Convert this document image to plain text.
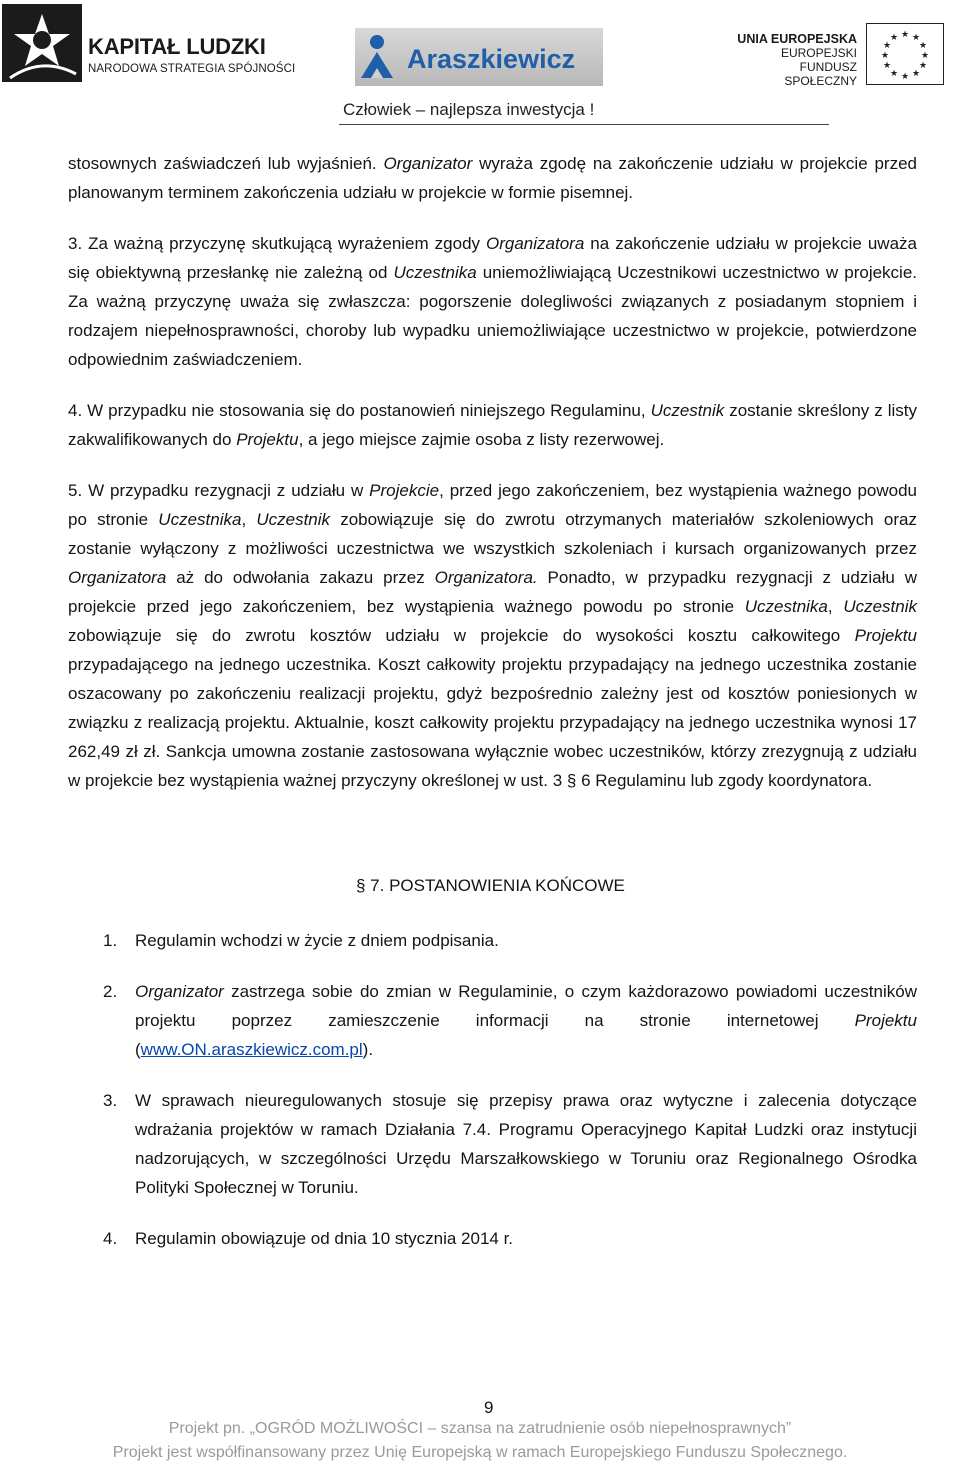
KAPITAŁ LUDZKI
NARODOWA STRATEGIA SPÓJNOŚCI	Araszkiewicz
UNIA EUROPEJSKA
EUROPEJSKI
FUNDUSZ SPOŁECZNY
★ ★
★
★
★
★
★
★
★
★
★
★
Człowiek – najlepsza inwestycja !

stosownych zaświadczeń lub wyjaśnień. Organizator wyraża zgodę na zakończenie udziału w projekcie przed planowanym terminem zakończenia udziału w projekcie w formie pisemnej.

3. Za ważną przyczynę skutkującą wyrażeniem zgody Organizatora na zakończenie udziału w projekcie uważa się obiektywną przesłankę nie zależną od Uczestnika uniemożliwiającą Uczestnikowi uczestnictwo w projekcie. Za ważną przyczynę uważa się zwłaszcza: pogorszenie dolegliwości związanych z posiadanym stopniem i rodzajem niepełnosprawności, choroby lub wypadku uniemożliwiające uczestnictwo w projekcie, potwierdzone odpowiednim zaświadczeniem.

4. W przypadku nie stosowania się do postanowień niniejszego Regulaminu, Uczestnik zostanie skreślony z listy zakwalifikowanych do Projektu, a jego miejsce zajmie osoba z listy rezerwowej.

5. W przypadku rezygnacji z udziału w Projekcie, przed jego zakończeniem, bez wystąpienia ważnego powodu po stronie Uczestnika, Uczestnik zobowiązuje się do zwrotu otrzymanych materiałów szkoleniowych oraz zostanie wyłączony z możliwości uczestnictwa we wszystkich szkoleniach i kursach organizowanych przez Organizatora aż do odwołania zakazu przez Organizatora. Ponadto, w przypadku rezygnacji z udziału w projekcie przed jego zakończeniem, bez wystąpienia ważnego powodu po stronie Uczestnika, Uczestnik zobowiązuje się do zwrotu kosztów udziału w projekcie do wysokości kosztu całkowitego Projektu przypadającego na jednego uczestnika. Koszt całkowity projektu przypadający na jednego uczestnika zostanie oszacowany po zakończeniu realizacji projektu, gdyż bezpośrednio zależny jest od kosztów poniesionych w związku z realizacją projektu. Aktualnie, koszt całkowity projektu przypadający na jednego uczestnika wynosi 17 262,49 zł zł. Sankcja umowna zostanie zastosowana wyłącznie wobec uczestników, którzy zrezygnują z udziału w projekcie bez wystąpienia ważnej przyczyny określonej w ust. 3 § 6 Regulaminu lub zgody koordynatora.

§ 7. POSTANOWIENIA KOŃCOWE
1.	Regulamin wchodzi w życie z dniem podpisania.
2.	Organizator zastrzega sobie do zmian w Regulaminie, o czym każdorazowo powiadomi uczestników projektu poprzez zamieszczenie informacji na stronie internetowej Projektu (www.ON.araszkiewicz.com.pl).
3.	W sprawach nieuregulowanych stosuje się przepisy prawa oraz wytyczne i zalecenia dotyczące wdrażania projektów w ramach Działania 7.4. Programu Operacyjnego Kapitał Ludzki oraz instytucji nadzorujących, w szczególności Urzędu Marszałkowskiego w Toruniu oraz Regionalnego Ośrodka Polityki Społecznej w Toruniu.
4.	Regulamin obowiązuje od dnia 10 stycznia 2014 r.
9
Projekt pn. „OGRÓD MOŻLIWOŚCI – szansa na zatrudnienie osób niepełnosprawnych”
Projekt jest współfinansowany przez Unię Europejską w ramach Europejskiego Funduszu Społecznego.
